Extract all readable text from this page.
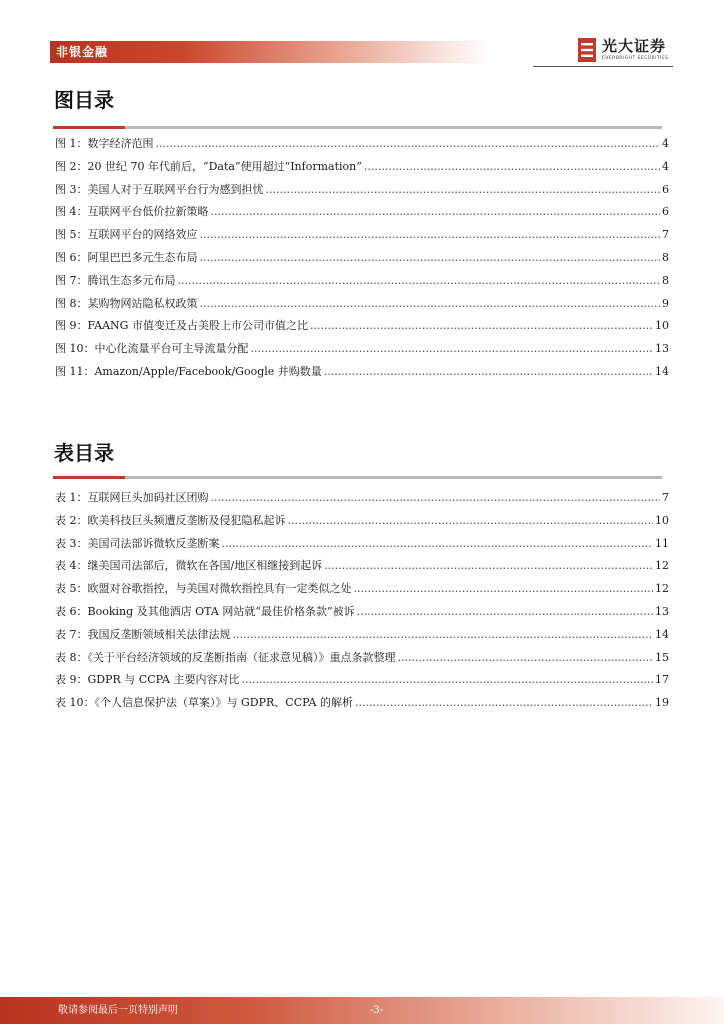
非银金融	光大证券
EVERBRIGHT SECURITIES
图目录
图 1：数字经济范围 .....	4
图 2：20 世纪 70 年代前后，“Data”使用超过“Information” .....	4
图 3：美国人对于互联网平台行为感到担忧 .....	6
图 4：互联网平台低价拉新策略 .....	6
图 5：互联网平台的网络效应 .....	7
图 6：阿里巴巴多元生态布局 .....	8
图 7：腾讯生态多元布局 .....	8
图 8：某购物网站隐私权政策 .....	9
图 9：FAANG 市值变迁及占美股上市公司市值之比 .....	10
图 10：中心化流量平台可主导流量分配 .....	13
图 11：Amazon/Apple/Facebook/Google 并购数量 .....	14
表目录
表 1：互联网巨头加码社区团购 .....	7
表 2：欧美科技巨头频遭反垄断及侵犯隐私起诉 .....	10
表 3：美国司法部诉微软反垄断案 .....	11
表 4：继美国司法部后，微软在各国/地区相继接到起诉 .....	12
表 5：欧盟对谷歌指控，与美国对微软指控具有一定类似之处 .....	12
表 6：Booking 及其他酒店 OTA 网站就“最佳价格条款”被诉 .....	13
表 7：我国反垄断领域相关法律法规 .....	14
表 8：《关于平台经济领域的反垄断指南（征求意见稿）》重点条款整理 .....	15
表 9：GDPR 与 CCPA 主要内容对比 .....	17
表 10：《个人信息保护法（草案）》与 GDPR、CCPA 的解析 .....	19
敬请参阅最后一页特别声明	-3-
